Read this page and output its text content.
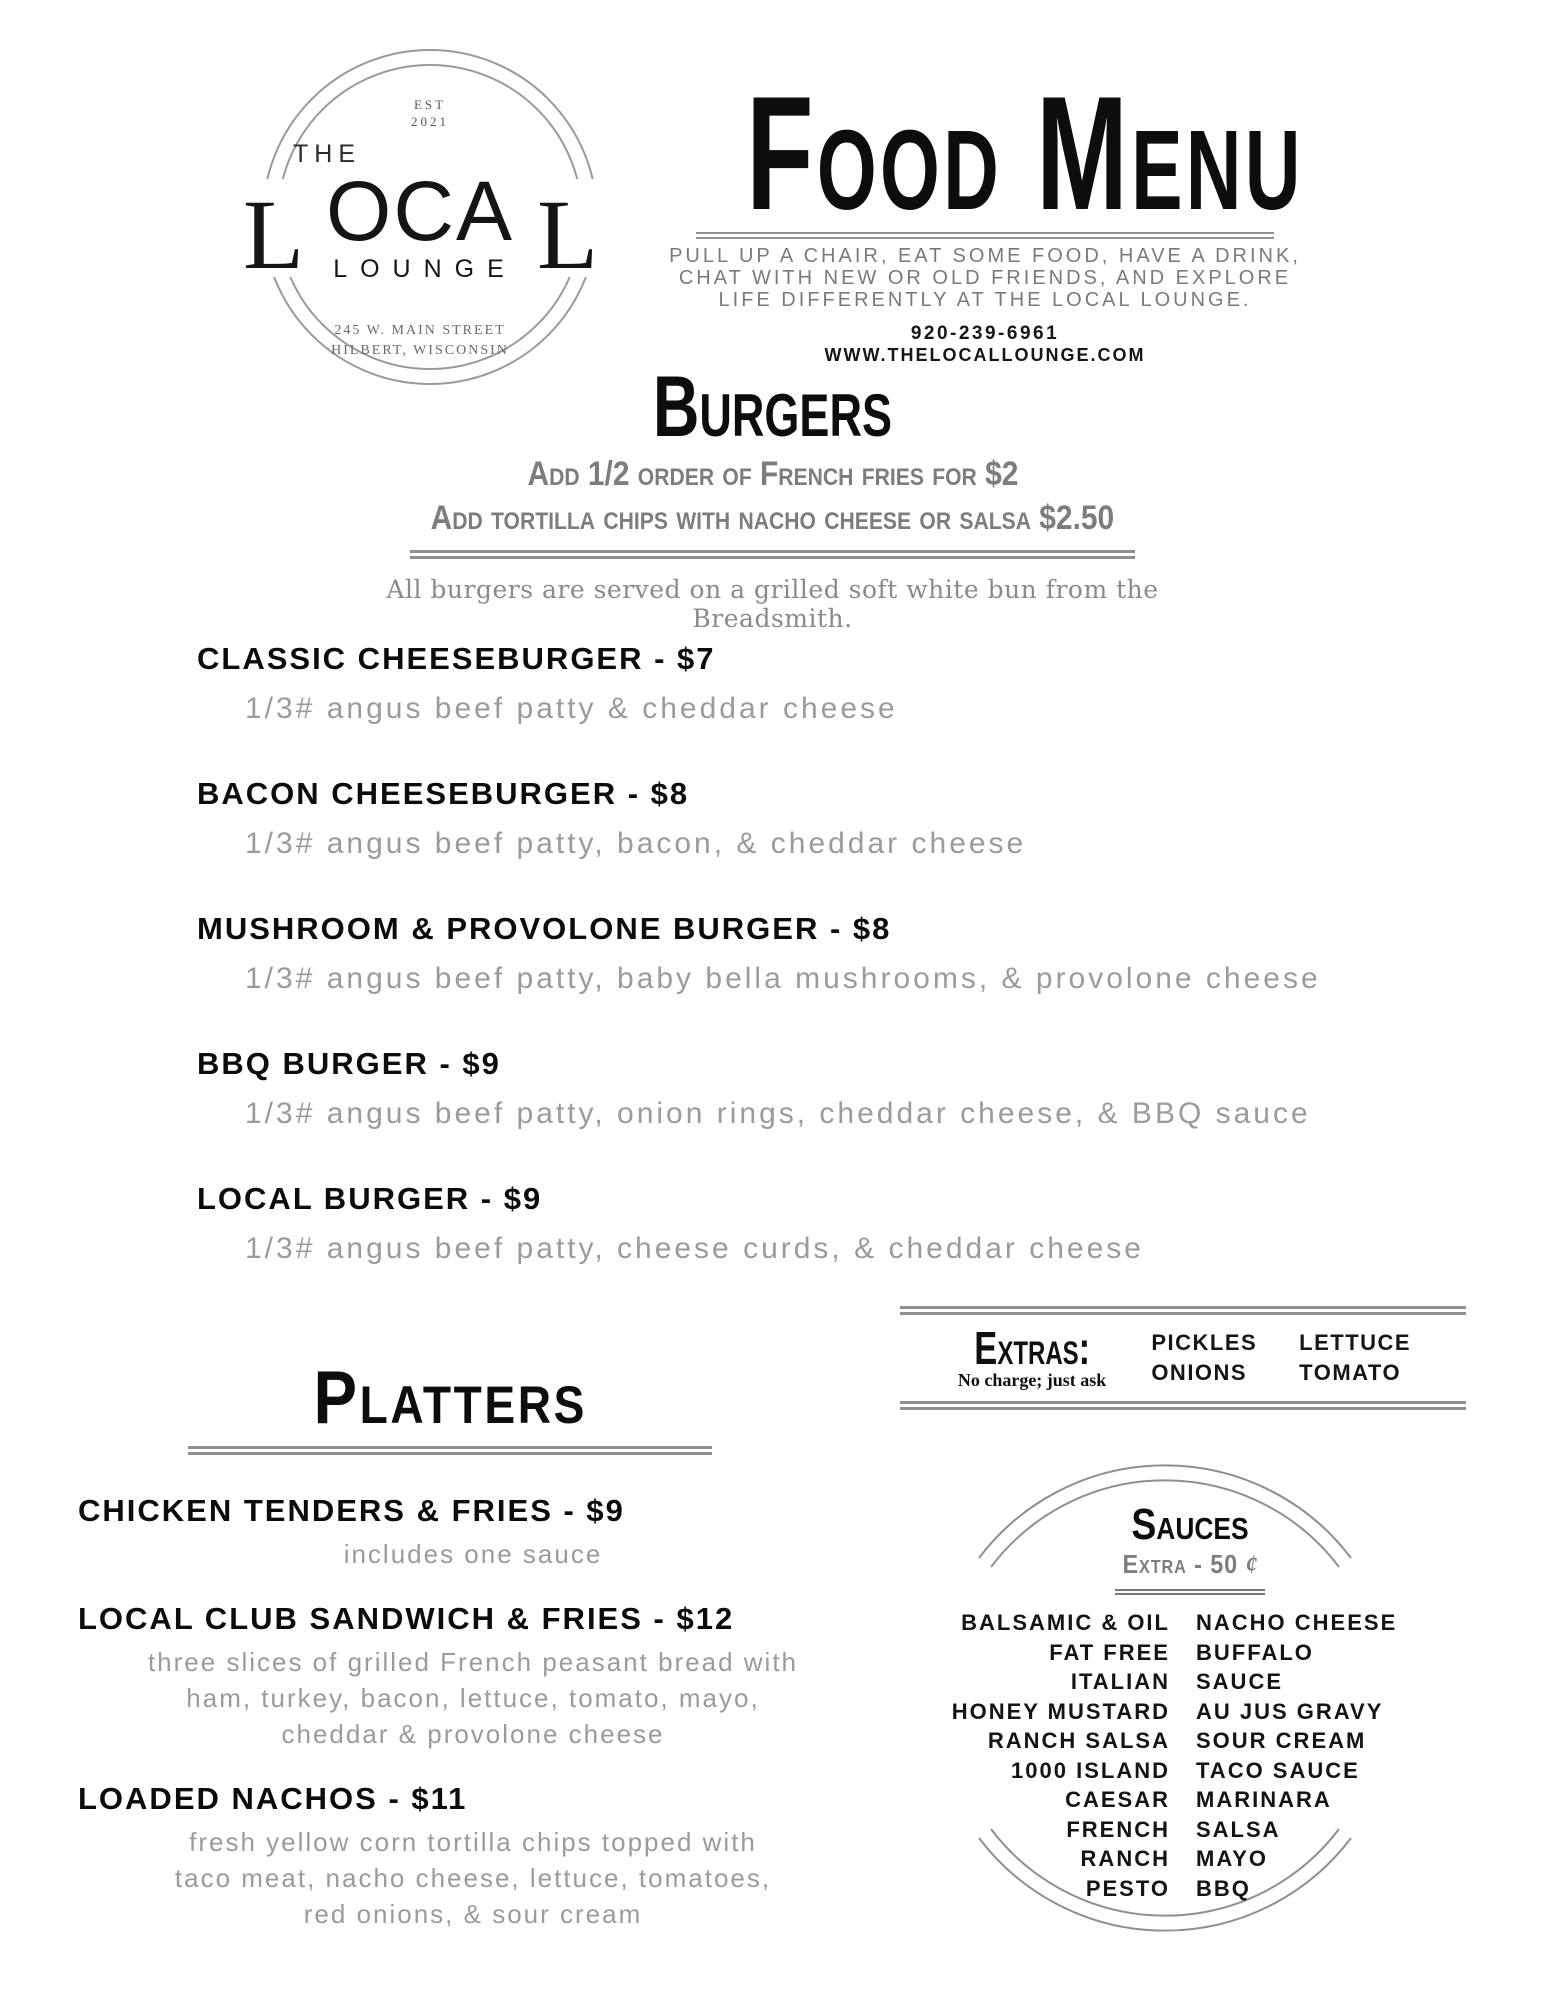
EST
2021
THE
L OCA L
LOUNGE
245 W. MAIN STREET
HILBERT, WISCONSIN
Food Menu
PULL UP A CHAIR, EAT SOME FOOD, HAVE A DRINK,
CHAT WITH NEW OR OLD FRIENDS, AND EXPLORE
LIFE DIFFERENTLY AT THE LOCAL LOUNGE.
920-239-6961
WWW.THELOCALLOUNGE.COM
Burgers
Add 1/2 order of French fries for $2
Add tortilla chips with nacho cheese or salsa $2.50
All burgers are served on a grilled soft white bun from the Breadsmith.
CLASSIC CHEESEBURGER - $7
1/3# angus beef patty & cheddar cheese
BACON CHEESEBURGER - $8
1/3# angus beef patty, bacon, & cheddar cheese
MUSHROOM & PROVOLONE BURGER - $8
1/3# angus beef patty, baby bella mushrooms, & provolone cheese
BBQ BURGER - $9
1/3# angus beef patty, onion rings, cheddar cheese, & BBQ sauce
LOCAL BURGER - $9
1/3# angus beef patty, cheese curds, & cheddar cheese
Extras:
No charge; just ask
PICKLES
ONIONS
LETTUCE
TOMATO
Platters
CHICKEN TENDERS & FRIES - $9
includes one sauce
LOCAL CLUB SANDWICH & FRIES - $12
three slices of grilled French peasant bread with
ham, turkey, bacon, lettuce, tomato, mayo,
cheddar & provolone cheese
LOADED NACHOS - $11
fresh yellow corn tortilla chips topped with
taco meat, nacho cheese, lettuce, tomatoes,
red onions, & sour cream
Sauces
Extra - 50 ¢
BALSAMIC & OIL NACHO CHEESE
FAT FREE ITALIAN
BUFFALO SAUCE
HONEY MUSTARD AU JUS GRAVY
RANCH SALSA SOUR CREAM
1000 ISLAND TACO SAUCE
CAESAR MARINARA
FRENCH SALSA
RANCH MAYO
PESTO BBQ
